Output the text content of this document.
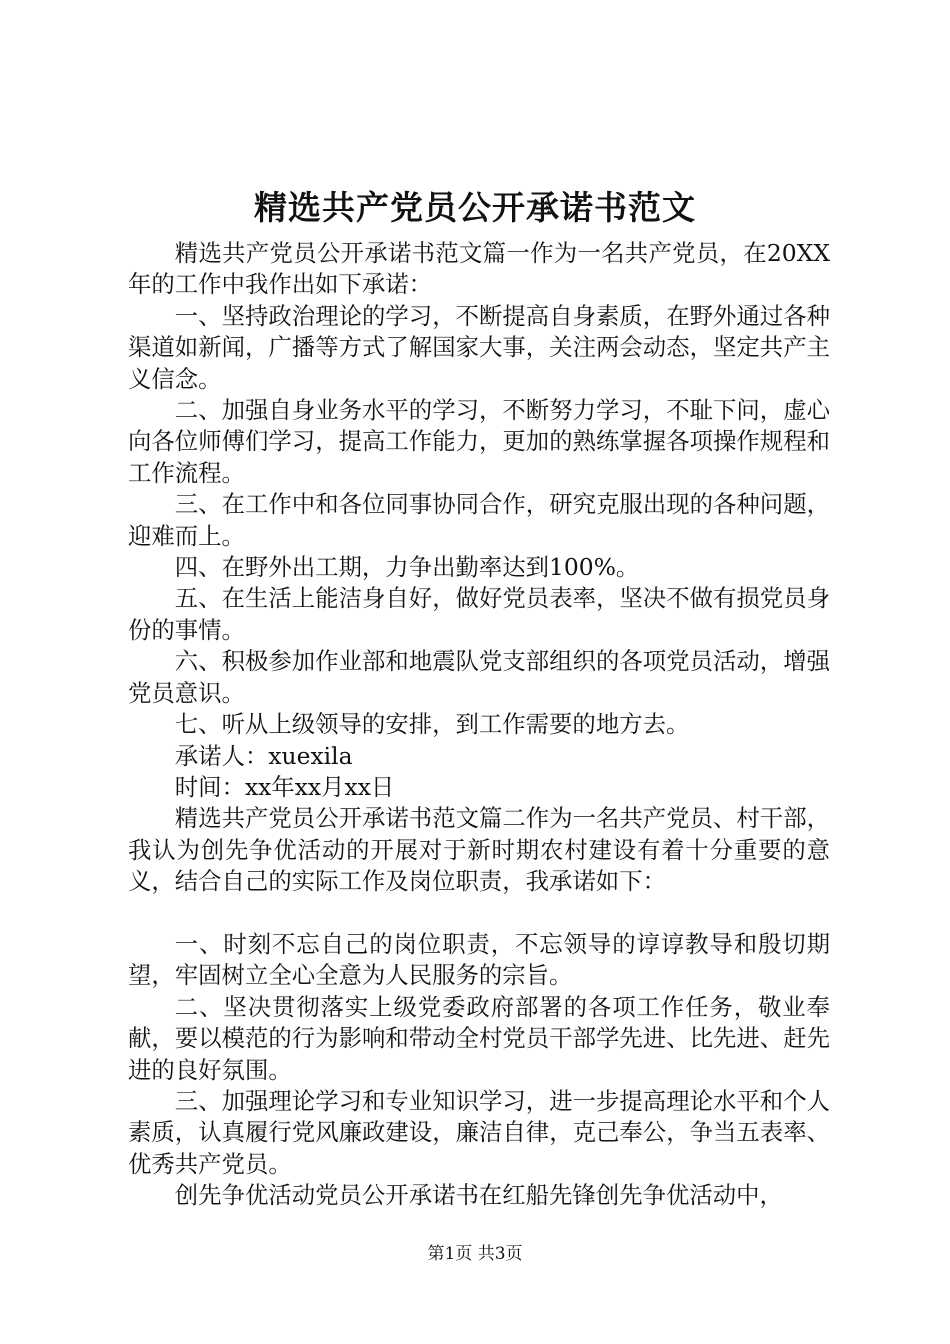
精选共产党员公开承诺书范文

精选共产党员公开承诺书范文篇一作为一名共产党员，在20XX年的工作中我作出如下承诺：

一、坚持政治理论的学习，不断提高自身素质，在野外通过各种渠道如新闻，广播等方式了解国家大事，关注两会动态，坚定共产主义信念。

二、加强自身业务水平的学习，不断努力学习，不耻下问，虚心向各位师傅们学习，提高工作能力，更加的熟练掌握各项操作规程和工作流程。

三、在工作中和各位同事协同合作，研究克服出现的各种问题，迎难而上。

四、在野外出工期，力争出勤率达到100%。

五、在生活上能洁身自好，做好党员表率，坚决不做有损党员身份的事情。

六、积极参加作业部和地震队党支部组织的各项党员活动，增强党员意识。

七、听从上级领导的安排，到工作需要的地方去。

承诺人：xuexila

时间：xx年xx月xx日

精选共产党员公开承诺书范文篇二作为一名共产党员、村干部，我认为创先争优活动的开展对于新时期农村建设有着十分重要的意义，结合自己的实际工作及岗位职责，我承诺如下：

一、时刻不忘自己的岗位职责，不忘领导的谆谆教导和殷切期望，牢固树立全心全意为人民服务的宗旨。

二、坚决贯彻落实上级党委政府部署的各项工作任务，敬业奉献，要以模范的行为影响和带动全村党员干部学先进、比先进、赶先进的良好氛围。

三、加强理论学习和专业知识学习，进一步提高理论水平和个人素质，认真履行党风廉政建设，廉洁自律，克己奉公，争当五表率、优秀共产党员。

创先争优活动党员公开承诺书在红船先锋创先争优活动中，

第1页 共3页
